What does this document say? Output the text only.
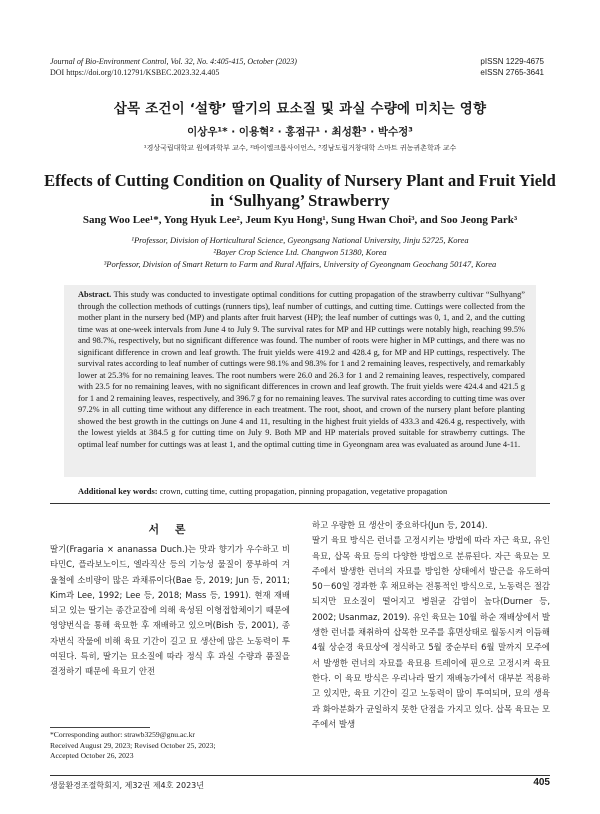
Journal of Bio-Environment Control, Vol. 32, No. 4:405-415, October (2023)
DOI https://doi.org/10.12791/KSBEC.2023.32.4.405
pISSN 1229-4675
eISSN 2765-3641
삽목 조건이 ‘설향’ 딸기의 묘소질 및 과실 수량에 미치는 영향
이상우¹* · 이용혁² · 홍점규¹ · 최성환³ · 박수정³
¹경상국립대학교 원예과학부 교수, ²바이엘크롭사이언스, ³경남도립거창대학 스마트 귀농귀촌학과 교수
Effects of Cutting Condition on Quality of Nursery Plant and Fruit Yield
in ‘Sulhyang’ Strawberry
Sang Woo Lee¹*, Yong Hyuk Lee², Jeum Kyu Hong¹, Sung Hwan Choi³, and Soo Jeong Park³
¹Professor, Division of Horticultural Science, Gyeongsang National University, Jinju 52725, Korea
²Bayer Crop Science Ltd. Changwon 51380, Korea
³Porfessor, Division of Smart Return to Farm and Rural Affairs, University of Gyeongnam Geochang 50147, Korea
Abstract. This study was conducted to investigate optimal conditions for cutting propagation of the strawberry cultivar “Sulhyang” through the collection methods of cuttings (runners tips), leaf number of cuttings, and cutting time. Cuttings were collected from the mother plant in the nursery bed (MP) and plants after fruit harvest (HP); the leaf number of cuttings was 0, 1, and 2, and the cutting time was at one-week intervals from June 4 to July 9. The survival rates for MP and HP cuttings were notably high, reaching 99.5% and 98.7%, respectively, but no significant difference was found. The number of roots were higher in MP cuttings, and there was no significant difference in crown and leaf growth. The fruit yields were 419.2 and 428.4 g, for MP and HP cuttings, respectively. The survival rates according to leaf number of cuttings were 98.1% and 98.3% for 1 and 2 remaining leaves, respectively, and remarkably lower at 25.3% for no remaining leaves. The root numbers were 26.0 and 26.3 for 1 and 2 remaining leaves, respectively, compared with 23.5 for no remaining leaves, with no significant differences in crown and leaf growth. The fruit yields were 424.4 and 421.5 g for 1 and 2 remaining leaves, respectively, and 396.7 g for no remaining leaves. The survival rates according to cutting time was over 97.2% in all cutting time without any difference in each treatment. The root, shoot, and crown of the nursery plant before planting showed the best growth in the cuttings on June 4 and 11, resulting in the highest fruit yields of 433.3 and 426.4 g, respectively, with the lowest yields at 384.5 g for cutting time on July 9. Both MP and HP materials proved suitable for strawberry cuttings. The optimal leaf number for cuttings was at least 1, and the optimal cutting time in Gyeongnam area was evaluated as around June 4-11.
Additional key words: crown, cutting time, cutting propagation, pinning propagation, vegetative propagation
서 론

딸기(Fragaria × ananassa Duch.)는 맛과 향기가 우수하고 비타민C, 플라보노이드, 엘라직산 등의 기능성 물질이 풍부하여 겨울철에 소비량이 많은 과채류이다(Bae 등, 2019; Jun 등, 2011; Kim과 Lee, 1992; Lee 등, 2018; Mass 등, 1991). 현재 재배되고 있는 딸기는 종간교잡에 의해 육성된 이형접합체이기 때문에 영양번식을 통해 육묘한 후 재배하고 있으며(Bish 등, 2001), 종자번식 작물에 비해 육묘 기간이 길고 묘 생산에 많은 노동력이 투여된다. 특히, 딸기는 묘소질에 따라 정식 후 과실 수량과 품질을 결정하기 때문에 육묘기 안전

하고 우량한 묘 생산이 중요하다(Jun 등, 2014).

딸기 육묘 방식은 런너를 고정시키는 방법에 따라 자근 육묘, 유인 육묘, 삽목 육묘 등의 다양한 방법으로 분류된다. 자근 육묘는 모주에서 발생한 런너의 자묘를 방임한 상태에서 발근을 유도하여 50－60일 경과한 후 채묘하는 전통적인 방식으로, 노동력은 절감되지만 묘소질이 떨어지고 병원균 감염이 높다(Durner 등, 2002; Usanmaz, 2019). 유인 육묘는 10월 하순 재배상에서 발생한 런너를 채취하여 삽목한 모주를 휴면상태로 월동시켜 이듬해 4월 상순경 육묘상에 정식하고 5월 중순부터 6월 말까지 모주에서 발생한 런너의 자묘를 육묘용 트레이에 핀으로 고정시켜 육묘한다. 이 육묘 방식은 우리나라 딸기 재배농가에서 대부분 적용하고 있지만, 육묘 기간이 길고 노동력이 많이 투여되며, 묘의 생육과 화아분화가 균일하지 못한 단점을 가지고 있다. 삽목 육묘는 모주에서 발생

*Corresponding author: strawb3259@gnu.ac.kr
Received August 29, 2023; Revised October 25, 2023;
Accepted October 26, 2023
생물환경조절학회지, 제32권 제4호 2023년	405
